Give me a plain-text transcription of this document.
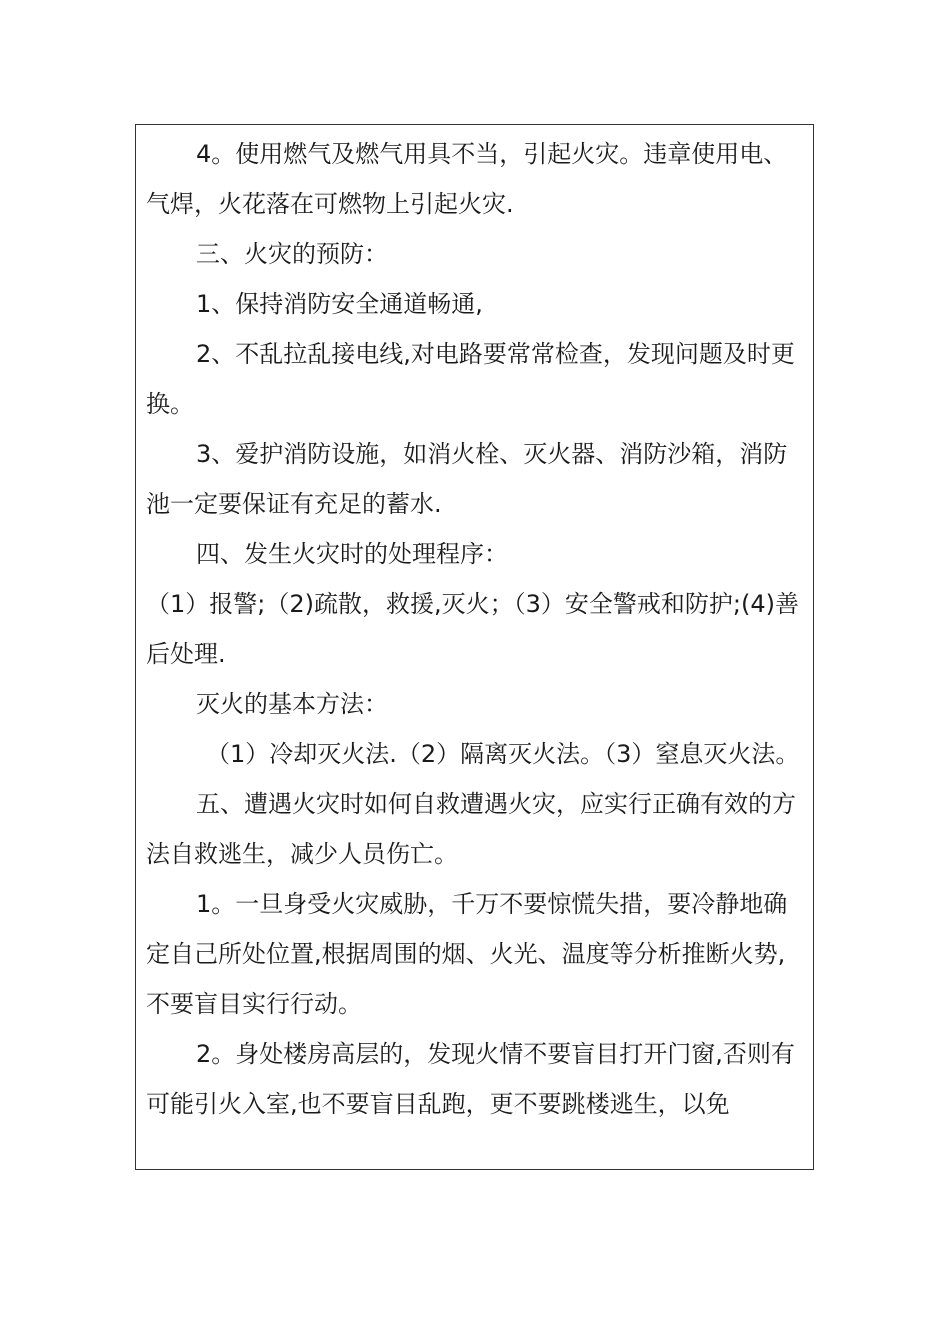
4。使用燃气及燃气用具不当，引起火灾。违章使用电、气焊，火花落在可燃物上引起火灾.

三、火灾的预防：

1、保持消防安全通道畅通,

2、不乱拉乱接电线,对电路要常常检查，发现问题及时更换。

3、爱护消防设施，如消火栓、灭火器、消防沙箱，消防池一定要保证有充足的蓄水.

四、发生火灾时的处理程序：

（1）报警;（2)疏散，救援,灭火；（3）安全警戒和防护;(4)善后处理.

灭火的基本方法：

（1）冷却灭火法.（2）隔离灭火法。（3）窒息灭火法。

五、遭遇火灾时如何自救遭遇火灾，应实行正确有效的方法自救逃生，减少人员伤亡。

1。一旦身受火灾威胁，千万不要惊慌失措，要冷静地确定自己所处位置,根据周围的烟、火光、温度等分析推断火势,不要盲目实行行动。

2。身处楼房高层的，发现火情不要盲目打开门窗,否则有可能引火入室,也不要盲目乱跑，更不要跳楼逃生，以免
